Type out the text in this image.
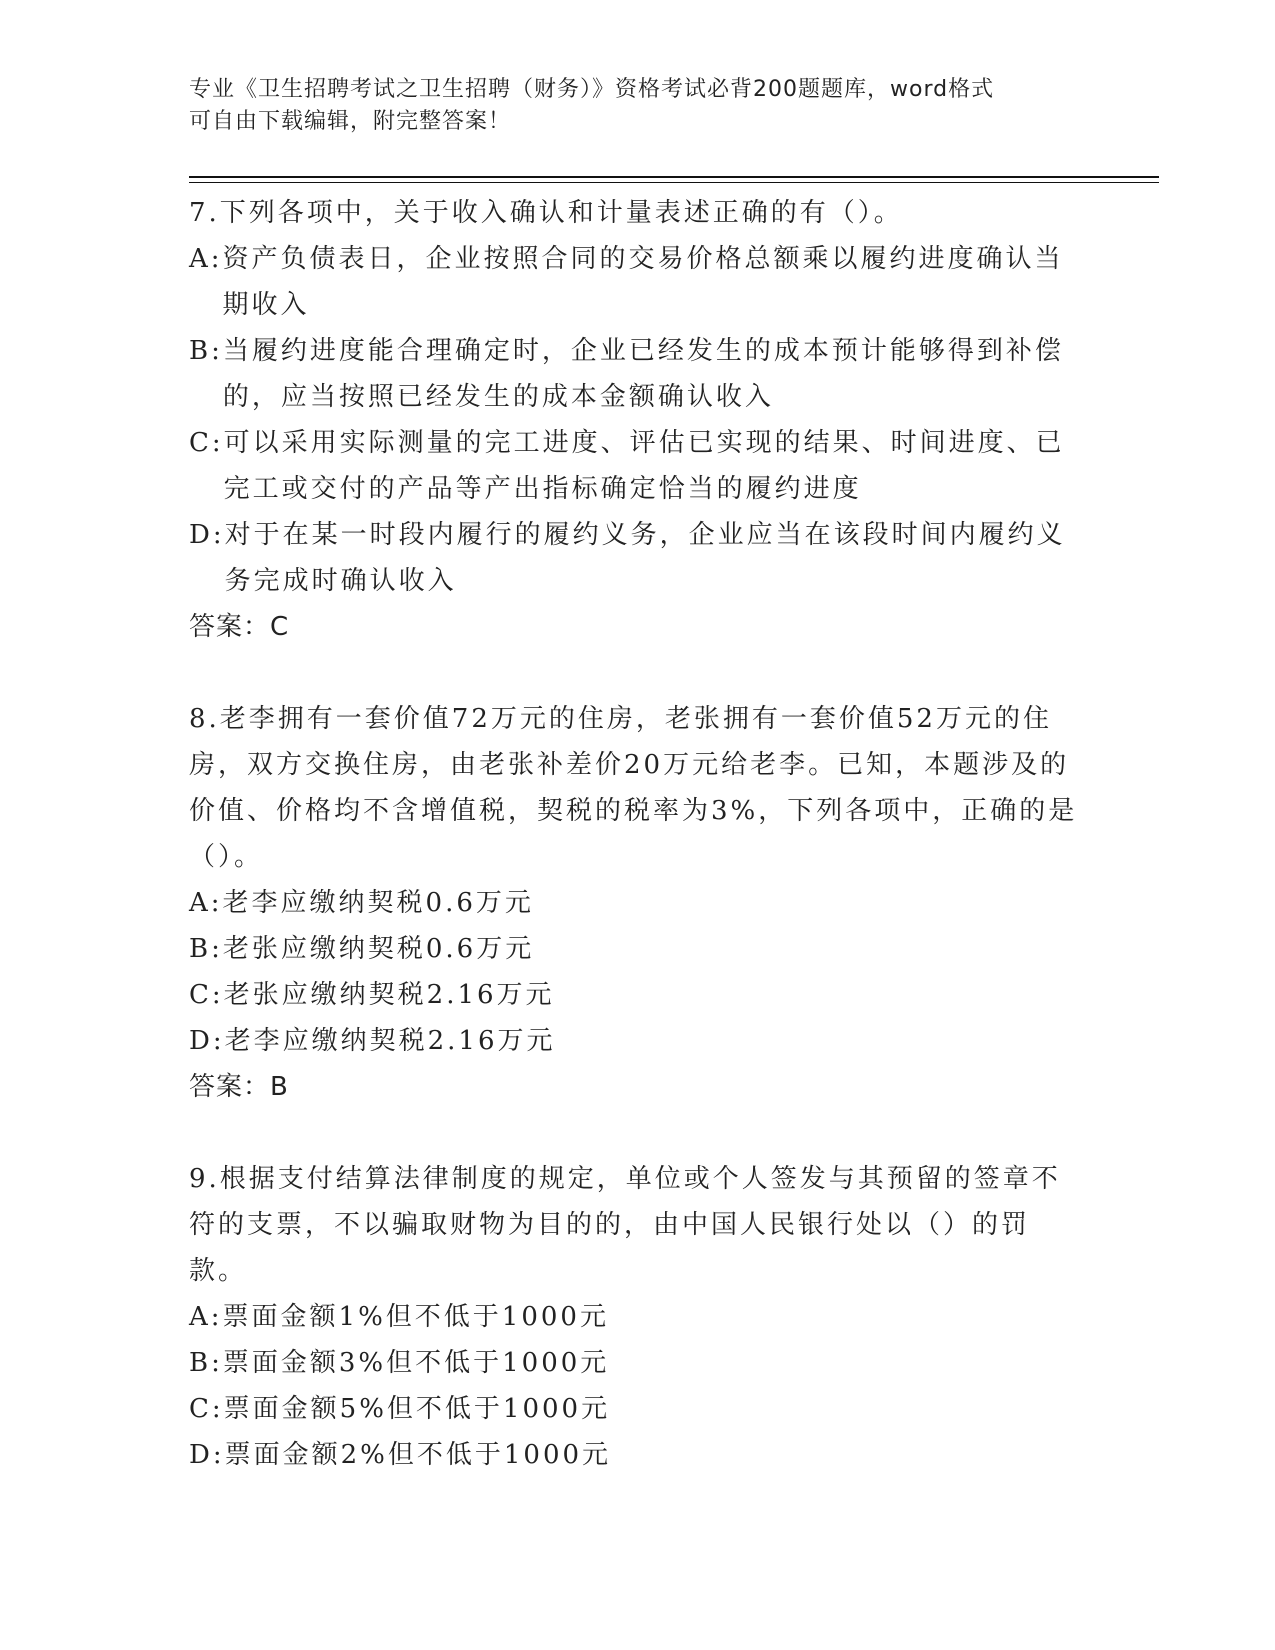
专业《卫生招聘考试之卫生招聘（财务）》资格考试必背200题题库，word格式
可自由下载编辑，附完整答案！
7.下列各项中，关于收入确认和计量表述正确的有（）。
A: 资产负债表日，企业按照合同的交易价格总额乘以履约进度确认当期收入
B: 当履约进度能合理确定时，企业已经发生的成本预计能够得到补偿的，应当按照已经发生的成本金额确认收入
C: 可以采用实际测量的完工进度、评估已实现的结果、时间进度、已完工或交付的产品等产出指标确定恰当的履约进度
D: 对于在某一时段内履行的履约义务，企业应当在该段时间内履约义务完成时确认收入
答案：C
8.老李拥有一套价值72万元的住房，老张拥有一套价值52万元的住房，双方交换住房，由老张补差价20万元给老李。已知，本题涉及的价值、价格均不含增值税，契税的税率为3%，下列各项中，正确的是（）。
A: 老李应缴纳契税0.6万元
B: 老张应缴纳契税0.6万元
C: 老张应缴纳契税2.16万元
D: 老李应缴纳契税2.16万元
答案：B
9.根据支付结算法律制度的规定，单位或个人签发与其预留的签章不符的支票，不以骗取财物为目的的，由中国人民银行处以（）的罚款。
A: 票面金额1%但不低于1000元
B: 票面金额3%但不低于1000元
C: 票面金额5%但不低于1000元
D: 票面金额2%但不低于1000元
